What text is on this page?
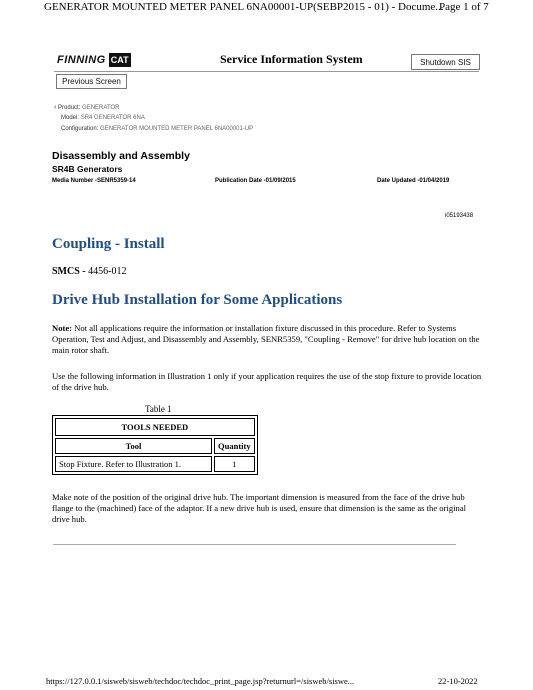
GENERATOR MOUNTED METER PANEL 6NA00001-UP(SEBP2015 - 01) - Docume...
Page 1 of 7
FINNING CAT	Service Information System	Shutdown SIS
Previous Screen
‹ Product: GENERATOR
Model: SR4 GENERATOR 6NA
Configuration: GENERATOR MOUNTED METER PANEL 6NA00001-UP
Disassembly and Assembly
SR4B Generators
Media Number -SENR5359-14	Publication Date -01/09/2015	Date Updated -01/04/2019
i05193438
Coupling - Install
SMCS - 4456-012
Drive Hub Installation for Some Applications
Note: Not all applications require the information or installation fixture discussed in this procedure. Refer to Systems Operation, Test and Adjust, and Disassembly and Assembly, SENR5359, "Coupling - Remove" for drive hub location on the main rotor shaft.
Use the following information in Illustration 1 only if your application requires the use of the stop fixture to provide location of the drive hub.
Table 1
TOOLS NEEDED	
Tool	Quantity
Stop Fixture. Refer to Illustration 1.	1
Make note of the position of the original drive hub. The important dimension is measured from the face of the drive hub flange to the (machined) face of the adaptor. If a new drive hub is used, ensure that dimension is the same as the original drive hub.
https://127.0.0.1/sisweb/sisweb/techdoc/techdoc_print_page.jsp?returnurl=/sisweb/siswe...	22-10-2022
